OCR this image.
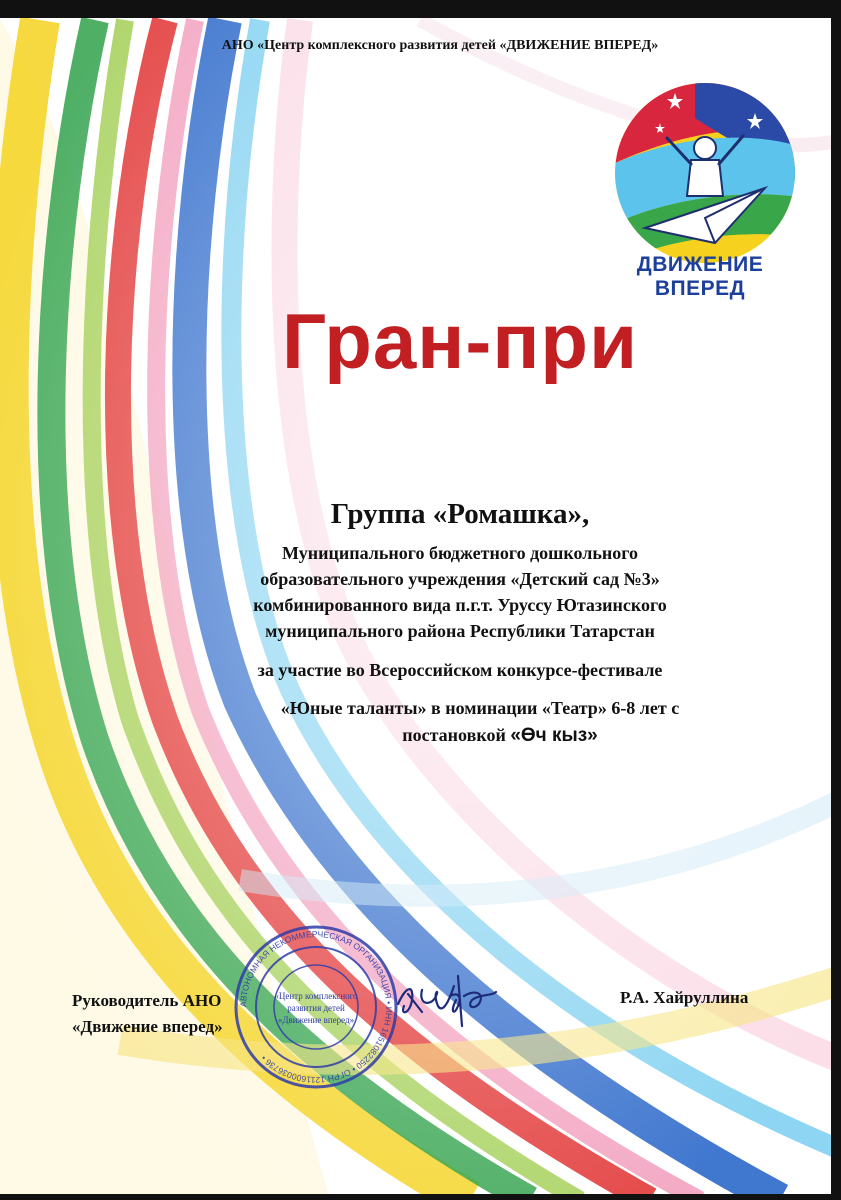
АНО «Центр комплексного развития детей «ДВИЖЕНИЕ ВПЕРЕД»
ДВИЖЕНИЕ ВПЕРЕД
Гран-при
Группа «Ромашка»,
Муниципального бюджетного дошкольного
образовательного учреждения «Детский сад №3»
комбинированного вида п.г.т. Уруссу Ютазинского
муниципального района Республики Татарстан
за участие во Всероссийском конкурсе-фестивале
«Юные таланты» в номинации «Театр» 6-8 лет с
постановкой «Өч кыз»
Руководитель АНО
«Движение вперед»
АВТОНОМНАЯ НЕКОММЕРЧЕСКАЯ ОРГАНИЗАЦИЯ • ИНН 1651082250 • ОГРН 1211600036736 •
«Центр комплексного
развития детей
«Движение вперед»
Р.А. Хайруллина
